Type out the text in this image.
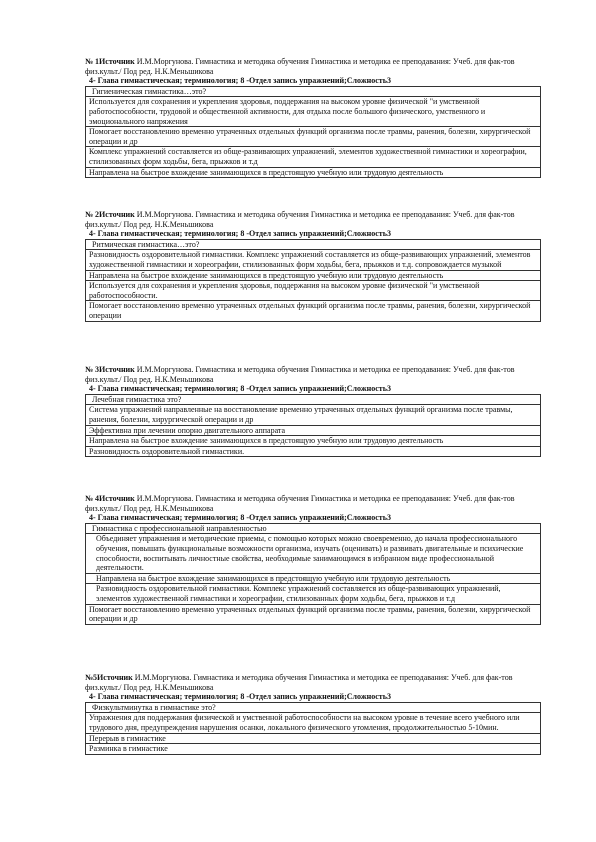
№ 1Источник И.М.Моргунова. Гимнастика и методика обучения Гимнастика и методика ее преподавания: Учеб. для фак-тов физ.культ./ Под ред. Н.К.Меньшикова

4- Глава гимнастическая; терминология; 8 -Отдел запись упражнений;Сложность3

Гигиеническая гимнастика…это?
Используется для сохранения и укрепления здоровья, поддержания на высоком уровне физической "и умственной работоспособности, трудовой и общественной активности, для отдыха после большого физического, умственного и эмоционального напряжения
Помогает восстановлению временно утраченных отдельных функций организма после травмы, ранения, болезни, хирургической операции и др
Комплекс упражнений составляется из обще-развивающих упражнений, элементов художественной гимнастики и хореографии, стилизованных форм ходьбы, бега, прыжков и т.д
Направлена на быстрое вхождение занимающихся в предстоящую учебную или трудовую деятельность

№ 2Источник И.М.Моргунова. Гимнастика и методика обучения Гимнастика и методика ее преподавания: Учеб. для фак-тов физ.культ./ Под ред. Н.К.Меньшикова

4- Глава гимнастическая; терминология; 8 -Отдел запись упражнений;Сложность3

Ритмическая гимнастика…это?
Разновидность оздоровительной гимнастики. Комплекс упражнений составляется из обще-развивающих упражнений, элементов художественной гимнастики и хореографии, стилизованных форм ходьбы, бега, прыжков и т.д. сопровождается музыкой
Направлена на быстрое вхождение занимающихся в предстоящую учебную или трудовую деятельность
Используется для сохранения и укрепления здоровья, поддержания на высоком уровне физической "и умственной работоспособности.
Помогает восстановлению временно утраченных отдельных функций организма после травмы, ранения, болезни, хирургической операции

№ 3Источник И.М.Моргунова. Гимнастика и методика обучения Гимнастика и методика ее преподавания: Учеб. для фак-тов физ.культ./ Под ред. Н.К.Меньшикова

4- Глава гимнастическая; терминология; 8 -Отдел запись упражнений;Сложность3

Лечебная гимнастика это?
Система упражнений направленные на восстановление временно утраченных отдельных функций организма после травмы, ранения, болезни, хирургической операции и др
Эффективна при лечении опорно двигательного аппарата
Направлена на быстрое вхождение занимающихся в предстоящую учебную или трудовую деятельность
Разновидность оздоровительной гимнастики.

№ 4Источник И.М.Моргунова. Гимнастика и методика обучения Гимнастика и методика ее преподавания: Учеб. для фак-тов физ.культ./ Под ред. Н.К.Меньшикова

4- Глава гимнастическая; терминология; 8 -Отдел запись упражнений;Сложность3

Гимнастика с профессиональной направленностью
Объединяет упражнения и методические приемы, с помощью которых можно своевременно, до начала профессионального обучения, повышать функциональные возможности организма, изучать (оценивать) и развивать двигательные и психические способности, воспитывать личностные свойства, необходимые занимающимся в избранном виде профессиональной деятельности.
Направлена на быстрое вхождение занимающихся в предстоящую учебную или трудовую деятельность
Разновидность оздоровительной гимнастики. Комплекс упражнений составляется из обще-развивающих упражнений, элементов художественной гимнастики и хореографии, стилизованных форм ходьбы, бега, прыжков и т.д
Помогает восстановлению временно утраченных отдельных функций организма после травмы, ранения, болезни, хирургической операции и др

№5Источник И.М.Моргунова. Гимнастика и методика обучения Гимнастика и методика ее преподавания: Учеб. для фак-тов физ.культ./ Под ред. Н.К.Меньшикова

4- Глава гимнастическая; терминология; 8 -Отдел запись упражнений;Сложность3

Физкультминутка в гимнастике это?
Упражнения для поддержания физической и умственной работоспособности на высоком уровне в течение всего учебного или трудового дня, предупреждения нарушения осанки, локального физического утомления, продолжительностью 5-10мин.
Перерыв в гимнастике
Разминка в гимнастике
